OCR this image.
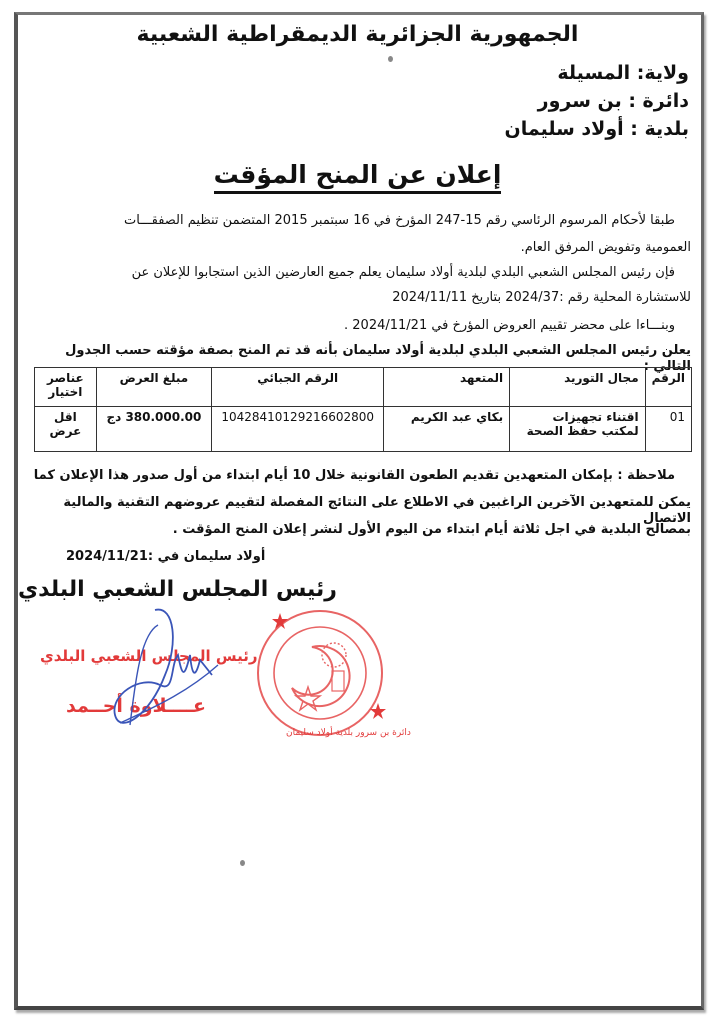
الجمهورية الجزائرية الديمقراطية الشعبية
ولاية: المسيلة
دائرة : بن سرور
بلدية : أولاد سليمان
إعلان عن المنح المؤقت
طبقا لأحكام المرسوم الرئاسي رقم 15-247 المؤرخ في 16 سبتمبر 2015 المتضمن تنظيم الصفقـــات
العمومية وتفويض المرفق العام.
فإن رئيس المجلس الشعبي البلدي لبلدية أولاد سليمان يعلم جميع العارضين الذين استجابوا للإعلان عن
للاستشارة المحلية رقم :2024/37 بتاريخ 2024/11/11
وبنـــاءا على محضر تقييم العروض المؤرخ في 2024/11/21 .
يعلن رئيس المجلس الشعبي البلدي لبلدية أولاد سليمان بأنه قد تم المنح بصفة مؤقته حسب الجدول التالي :
الرقم	مجال التوريد	المتعهد	الرقم الجبائي	مبلغ العرض	عناصر اختيار
01	اقتناء تجهيزات لمكتب حفظ الصحة	بكاي عبد الكريم	10428410129216602800	380.000.00 دج	اقل عرض
ملاحظة : بإمكان المتعهدين تقديم الطعون القانونية خلال 10 أيام ابتداء من أول صدور هذا الإعلان كما
يمكن للمتعهدين الآخرين الراغبين في الاطلاع على النتائج المفصلة لتقييم عروضهم التقنية والمالية الاتصال
بمصالح البلدية في اجل ثلاثة أيام ابتداء من اليوم الأول لنشر إعلان المنح المؤقت .
أولاد سليمان في :2024/11/21
رئيس المجلس الشعبي البلدي
رئيس المجلس الشعبي البلدي
عــــلاوة أحــمد
دائرة بن سرور بلدية أولاد سليمان
